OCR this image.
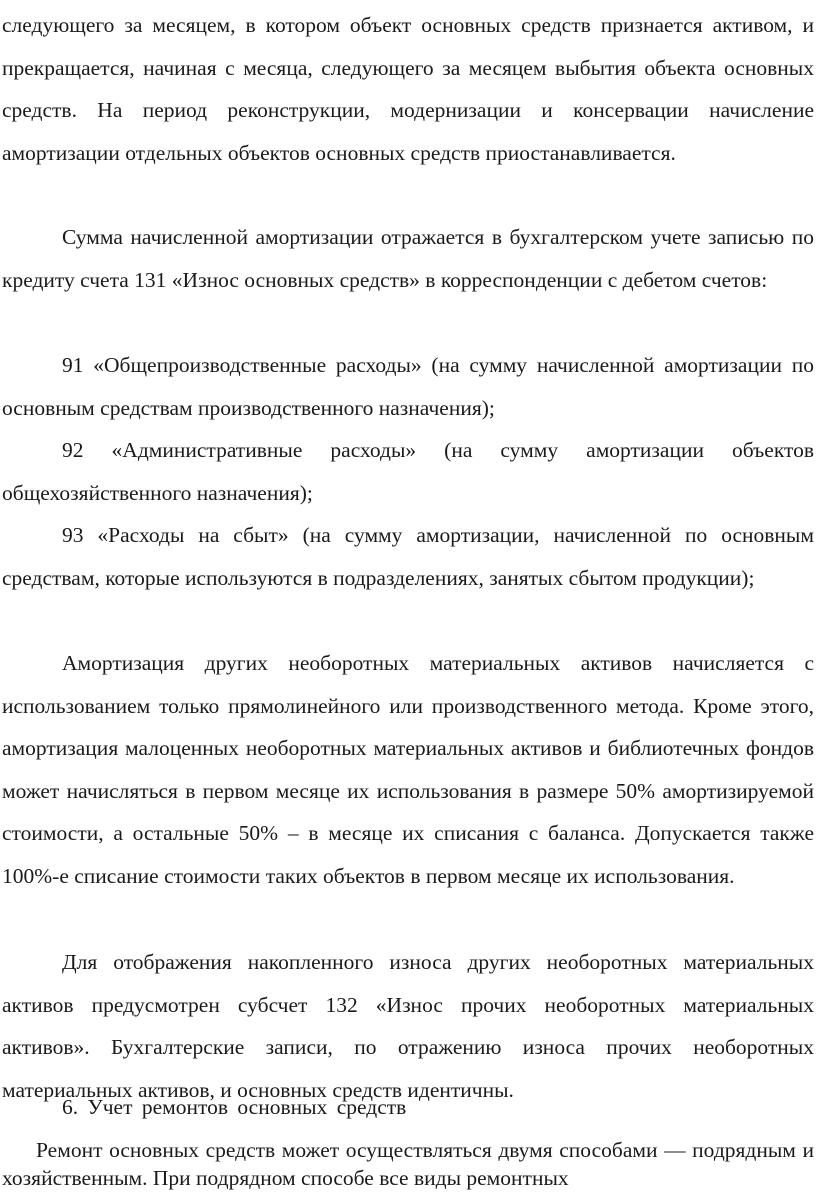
следующего за месяцем, в котором объект основных средств признается активом, и прекращается, начиная с месяца, следующего за месяцем выбытия объекта основных средств. На период реконструкции, модернизации и консервации начисление амортизации отдельных объектов основных средств приостанавливается.

Сумма начисленной амортизации отражается в бухгалтерском учете записью по кредиту счета 131 «Износ основных средств» в корреспонденции с дебетом счетов:

91 «Общепроизводственные расходы» (на сумму начисленной амортизации по основным средствам производственного назначения);

92 «Административные расходы» (на сумму амортизации объектов общехозяйственного назначения);

93 «Расходы на сбыт» (на сумму амортизации, начисленной по основным средствам, которые используются в подразделениях, занятых сбытом продукции);

Амортизация других необоротных материальных активов начисляется с использованием только прямолинейного или производственного метода. Кроме этого, амортизация малоценных необоротных материальных активов и библиотечных фондов может начисляться в первом месяце их использования в размере 50% амортизируемой стоимости, а остальные 50% – в месяце их списания с баланса. Допускается также 100%-е списание стоимости таких объектов в первом месяце их использования.

Для отображения накопленного износа других необоротных материальных активов предусмотрен субсчет 132 «Износ прочих необоротных материальных активов». Бухгалтерские записи, по отражению износа прочих необоротных материальных активов, и основных средств идентичны.

6. Учет ремонтов основных средств

Ремонт основных средств может осуществляться двумя способами — подрядным и хозяйственным. При подрядном способе все виды ремонтных
